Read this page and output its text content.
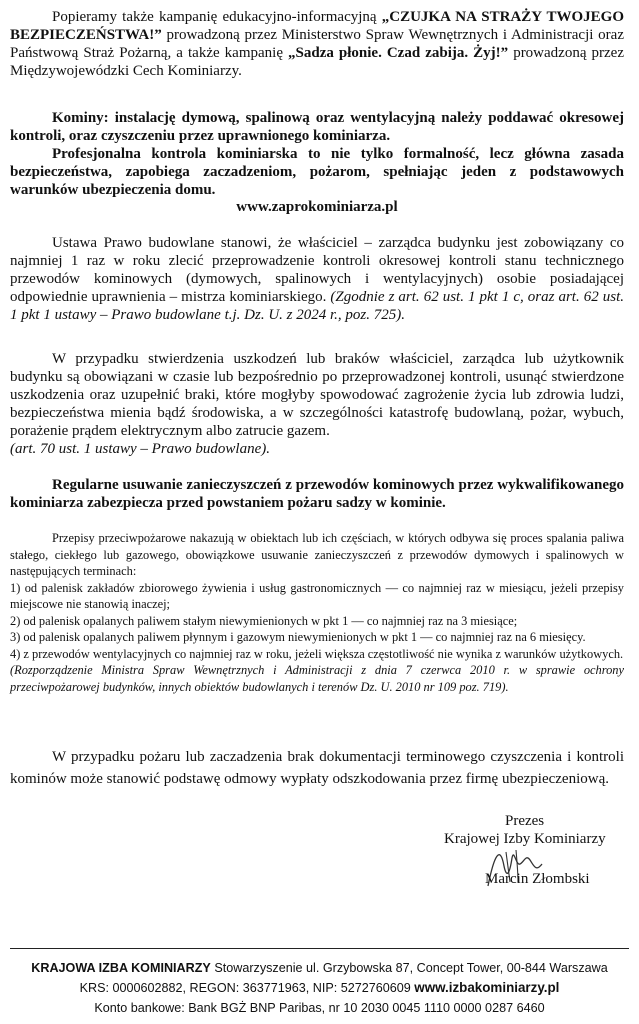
Popieramy także kampanię edukacyjno-informacyjną „CZUJKA NA STRAŻY TWOJEGO BEZPIECZEŃSTWA!” prowadzoną przez Ministerstwo Spraw Wewnętrznych i Administracji oraz Państwową Straż Pożarną, a także kampanię „Sadza płonie. Czad zabija. Żyj!” prowadzoną przez Międzywojewódzki Cech Kominiarzy.

Kominy: instalację dymową, spalinową oraz wentylacyjną należy poddawać okresowej kontroli, oraz czyszczeniu przez uprawnionego kominiarza.

Profesjonalna kontrola kominiarska to nie tylko formalność, lecz główna zasada bezpieczeństwa, zapobiega zaczadzeniom, pożarom, spełniając jeden z podstawowych warunków ubezpieczenia domu.

www.zaprokominiarza.pl

Ustawa Prawo budowlane stanowi, że właściciel – zarządca budynku jest zobowiązany co najmniej 1 raz w roku zlecić przeprowadzenie kontroli okresowej kontroli stanu technicznego przewodów kominowych (dymowych, spalinowych i wentylacyjnych) osobie posiadającej odpowiednie uprawnienia – mistrza kominiarskiego. (Zgodnie z art. 62 ust. 1 pkt 1 c, oraz art. 62 ust. 1 pkt 1 ustawy – Prawo budowlane t.j. Dz. U. z 2024 r., poz. 725).

W przypadku stwierdzenia uszkodzeń lub braków właściciel, zarządca lub użytkownik budynku są obowiązani w czasie lub bezpośrednio po przeprowadzonej kontroli, usunąć stwierdzone uszkodzenia oraz uzupełnić braki, które mogłyby spowodować zagrożenie życia lub zdrowia ludzi, bezpieczeństwa mienia bądź środowiska, a w szczególności katastrofę budowlaną, pożar, wybuch, porażenie prądem elektrycznym albo zatrucie gazem.
(art. 70 ust. 1 ustawy – Prawo budowlane).

Regularne usuwanie zanieczyszczeń z przewodów kominowych przez wykwalifikowanego kominiarza zabezpiecza przed powstaniem pożaru sadzy w kominie.

Przepisy przeciwpożarowe nakazują w obiektach lub ich częściach, w których odbywa się proces spalania paliwa stałego, ciekłego lub gazowego, obowiązkowe usuwanie zanieczyszczeń z przewodów dymowych i spalinowych w następujących terminach:
1) od palenisk zakładów zbiorowego żywienia i usług gastronomicznych — co najmniej raz w miesiącu, jeżeli przepisy miejscowe nie stanowią inaczej;
2) od palenisk opalanych paliwem stałym niewymienionych w pkt 1 — co najmniej raz na 3 miesiące;
3) od palenisk opalanych paliwem płynnym i gazowym niewymienionych w pkt 1 — co najmniej raz na 6 miesięcy.
4) z przewodów wentylacyjnych co najmniej raz w roku, jeżeli większa częstotliwość nie wynika z warunków użytkowych.
(Rozporządzenie Ministra Spraw Wewnętrznych i Administracji z dnia 7 czerwca 2010 r. w sprawie ochrony przeciwpożarowej budynków, innych obiektów budowlanych i terenów Dz. U. 2010 nr 109 poz. 719).

W przypadku pożaru lub zaczadzenia brak dokumentacji terminowego czyszczenia i kontroli kominów może stanowić podstawę odmowy wypłaty odszkodowania przez firmę ubezpieczeniową.

Prezes
Krajowej Izby Kominiarzy
Marcin Złombski
KRAJOWA IZBA KOMINIARZY Stowarzyszenie ul. Grzybowska 87, Concept Tower, 00-844 Warszawa
KRS: 0000602882, REGON: 363771963, NIP: 5272760609 www.izbakominiarzy.pl
Konto bankowe: Bank BGŻ BNP Paribas, nr 10 2030 0045 1110 0000 0287 6460
